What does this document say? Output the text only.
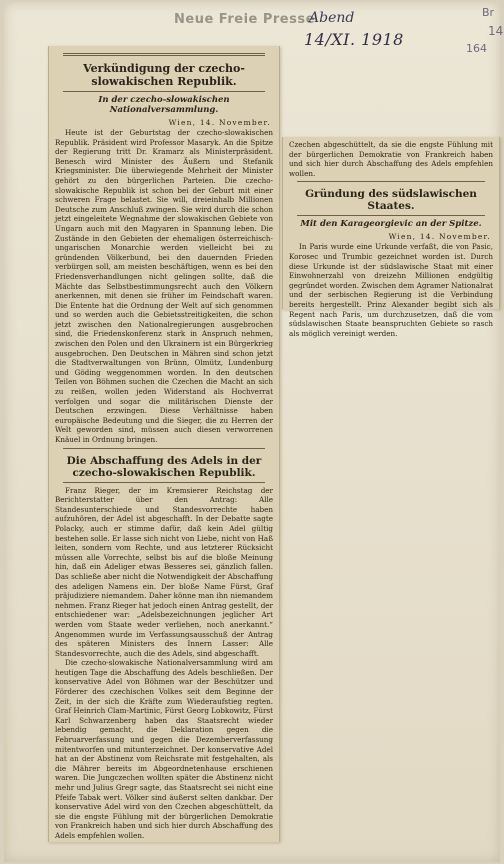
Neue Freie Presse
Abend
14/XI. 1918
Br
14
164
Verkündigung der czecho-slowakischen Republik.
In der czecho-slowakischen Nationalversammlung.
Wien, 14. November.

Heute ist der Geburtstag der czecho-slowakischen Republik. Präsident wird Professor Masaryk. An die Spitze der Regierung tritt Dr. Kramarz als Ministerpräsident. Benesch wird Minister des Äußern und Stefanik Kriegsminister. Die überwiegende Mehrheit der Minister gehört zu den bürgerlichen Parteien. Die czecho-slowakische Republik ist schon bei der Geburt mit einer schweren Frage belastet. Sie will, dreieinhalb Millionen Deutsche zum Anschluß zwingen. Sie wird durch die schon jetzt eingeleitete Wegnahme der slowakischen Gebiete von Ungarn auch mit den Magyaren in Spannung leben. Die Zustände in den Gebieten der ehemaligen österreichisch-ungarischen Monarchie werden vielleicht bei zu gründenden Völkerbund, bei den dauernden Frieden verbürgen soll, am meisten beschäftigen, wenn es bei den Friedensverhandlungen nicht gelingen sollte, daß die Mächte das Selbstbestimmungsrecht auch den Völkern anerkennen, mit denen sie früher im Feindschaft waren. Die Entente hat die Ordnung der Welt auf sich genommen und so werden auch die Gebietsstreitigkeiten, die schon jetzt zwischen den Nationalregierungen ausgebrochen sind, die Friedenskonferenz stark in Anspruch nehmen, zwischen den Polen und den Ukrainern ist ein Bürgerkrieg ausgebrochen. Den Deutschen in Mähren sind schon jetzt die Stadtverwaltungen von Brünn, Olmütz, Lundenburg und Göding weggenommen worden. In den deutschen Teilen von Böhmen suchen die Czechen die Macht an sich zu reißen, wollen jeden Widerstand als Hochverrat verfolgen und sogar die militärischen Dienste der Deutschen erzwingen. Diese Verhältnisse haben europäische Bedeutung und die Sieger, die zu Herren der Welt geworden sind, müssen auch diesen verworrenen Knäuel in Ordnung bringen.

Die Abschaffung des Adels in der czecho-slowakischen Republik.

Franz Rieger, der im Kremsierer Reichstag der Berichterstatter über den Antrag: Alle Standesunterschiede und Standesvorrechte haben aufzuhören, der Adel ist abgeschafft. In der Debatte sagte Polacky, auch er stimme dafür, daß kein Adel gültig bestehen solle. Er lasse sich nicht von Liebe, nicht von Haß leiten, sondern vom Rechte, und aus letzterer Rücksicht müssen alle Vorrechte, selbst bis auf die bloße Meinung hin, daß ein Adeliger etwas Besseres sei, gänzlich fallen. Das schließe aber nicht die Notwendigkeit der Abschaffung des adeligen Namens ein. Der bloße Name Fürst, Graf präjudiziere niemandem. Daher könne man ihn niemandem nehmen. Franz Rieger hat jedoch einen Antrag gestellt, der entschiedener war: „Adelsbezeichnungen jeglicher Art werden vom Staate weder verliehen, noch anerkannt.“ Angenommen wurde im Verfassungsausschuß der Antrag des späteren Ministers des Innern Lasser: Alle Standesvorrechte, auch die des Adels, sind abgeschafft.

Die czecho-slowakische Nationalversammlung wird am heutigen Tage die Abschaffung des Adels beschließen. Der konservative Adel von Böhmen war der Beschützer und Förderer des czechischen Volkes seit dem Beginne der Zeit, in der sich die Kräfte zum Wiederaufstieg regten. Graf Heinrich Clam-Martinic, Fürst Georg Lobkowitz, Fürst Karl Schwarzenberg haben das Staatsrecht wieder lebendig gemacht, die Deklaration gegen die Februarverfassung und gegen die Dezemberverfassung mitentworfen und mitunterzeichnet. Der konservative Adel hat an der Abstinenz vom Reichsrate mit festgehalten, als die Mährer bereits im Abgeordnetenhause erschienen waren. Die Jungczechen wollten später die Abstinenz nicht mehr und Julius Gregr sagte, das Staatsrecht sei nicht eine Pfeife Tabak wert. Völker sind äußerst selten dankbar. Der konservative Adel wird von den Czechen abgeschüttelt, da sie die engste Fühlung mit der bürgerlichen Demokratie von Frankreich haben und sich hier durch Abschaffung des Adels empfehlen wollen.

Czechen abgeschüttelt, da sie die engste Fühlung mit der bürgerlichen Demokratie von Frankreich haben und sich hier durch Abschaffung des Adels empfehlen wollen.

Gründung des südslawischen Staates.
Mit den Karageorgievic an der Spitze.
Wien, 14. November.

In Paris wurde eine Urkunde verfaßt, die von Pasic, Korosec und Trumbic gezeichnet worden ist. Durch diese Urkunde ist der südslawische Staat mit einer Einwohnerzahl von dreizehn Millionen endgültig gegründet worden. Zwischen dem Agramer Nationalrat und der serbischen Regierung ist die Verbindung bereits hergestellt. Prinz Alexander begibt sich als Regent nach Paris, um durchzusetzen, daß die vom südslawischen Staate beanspruchten Gebiete so rasch als möglich vereinigt werden.
